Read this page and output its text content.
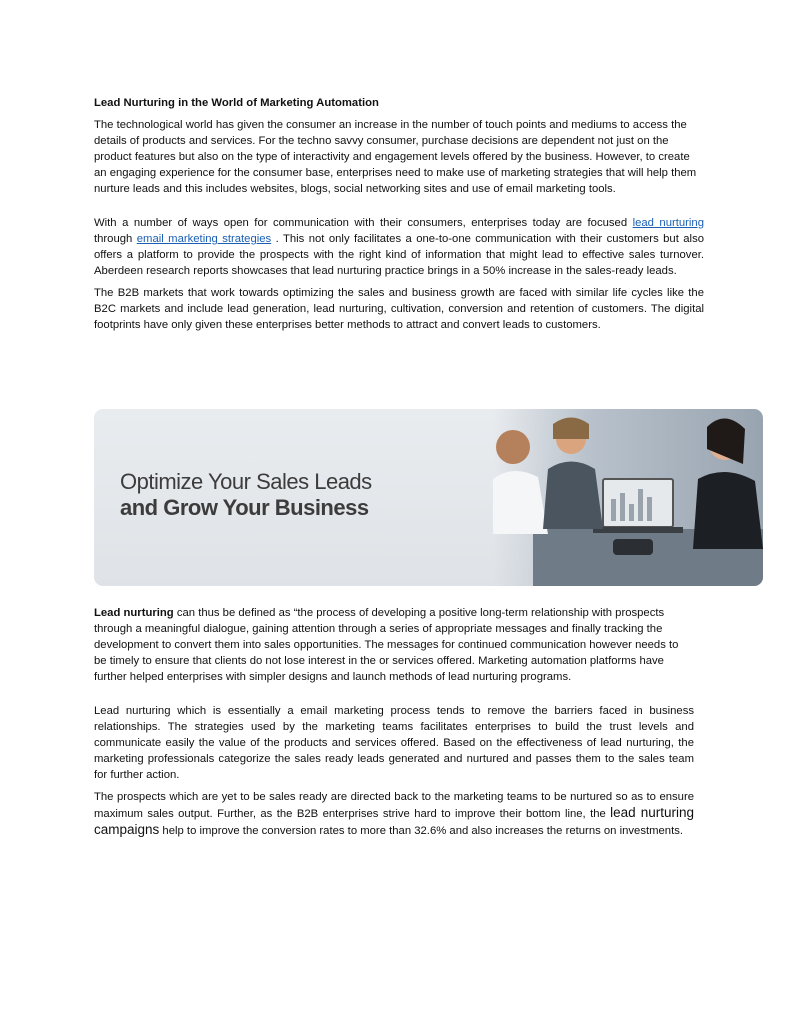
Lead Nurturing in the World of Marketing Automation

The technological world has given the consumer an increase in the number of touch points and mediums to access the details of products and services. For the techno savvy consumer, purchase decisions are dependent not just on the product features but also on the type of interactivity and engagement levels offered by the business. However, to create an engaging experience for the consumer base, enterprises need to make use of marketing strategies that will help them nurture leads and this includes websites, blogs, social networking sites and use of email marketing tools.

With a number of ways open for communication with their consumers, enterprises today are focused lead nurturing through email marketing strategies . This not only facilitates a one-to-one communication with their customers but also offers a platform to provide the prospects with the right kind of information that might lead to effective sales turnover. Aberdeen research reports showcases that lead nurturing practice brings in a 50% increase in the sales-ready leads.

The B2B markets that work towards optimizing the sales and business growth are faced with similar life cycles like the B2C markets and include lead generation, lead nurturing, cultivation, conversion and retention of customers. The digital footprints have only given these enterprises better methods to attract and convert leads to customers.

Optimize Your Sales Leads
and Grow Your Business

Lead nurturing can thus be defined as “the process of developing a positive long-term relationship with prospects through a meaningful dialogue, gaining attention through a series of appropriate messages and finally tracking the development to convert them into sales opportunities. The messages for continued communication however needs to be timely to ensure that clients do not lose interest in the or services offered. Marketing automation platforms have further helped enterprises with simpler designs and launch methods of lead nurturing programs.

Lead nurturing which is essentially a email marketing process tends to remove the barriers faced in business relationships. The strategies used by the marketing teams facilitates enterprises to build the trust levels and communicate easily the value of the products and services offered. Based on the effectiveness of lead nurturing, the marketing professionals categorize the sales ready leads generated and nurtured and passes them to the sales team for further action.

The prospects which are yet to be sales ready are directed back to the marketing teams to be nurtured so as to ensure maximum sales output. Further, as the B2B enterprises strive hard to improve their bottom line, the lead nurturing campaigns help to improve the conversion rates to more than 32.6% and also increases the returns on investments.
